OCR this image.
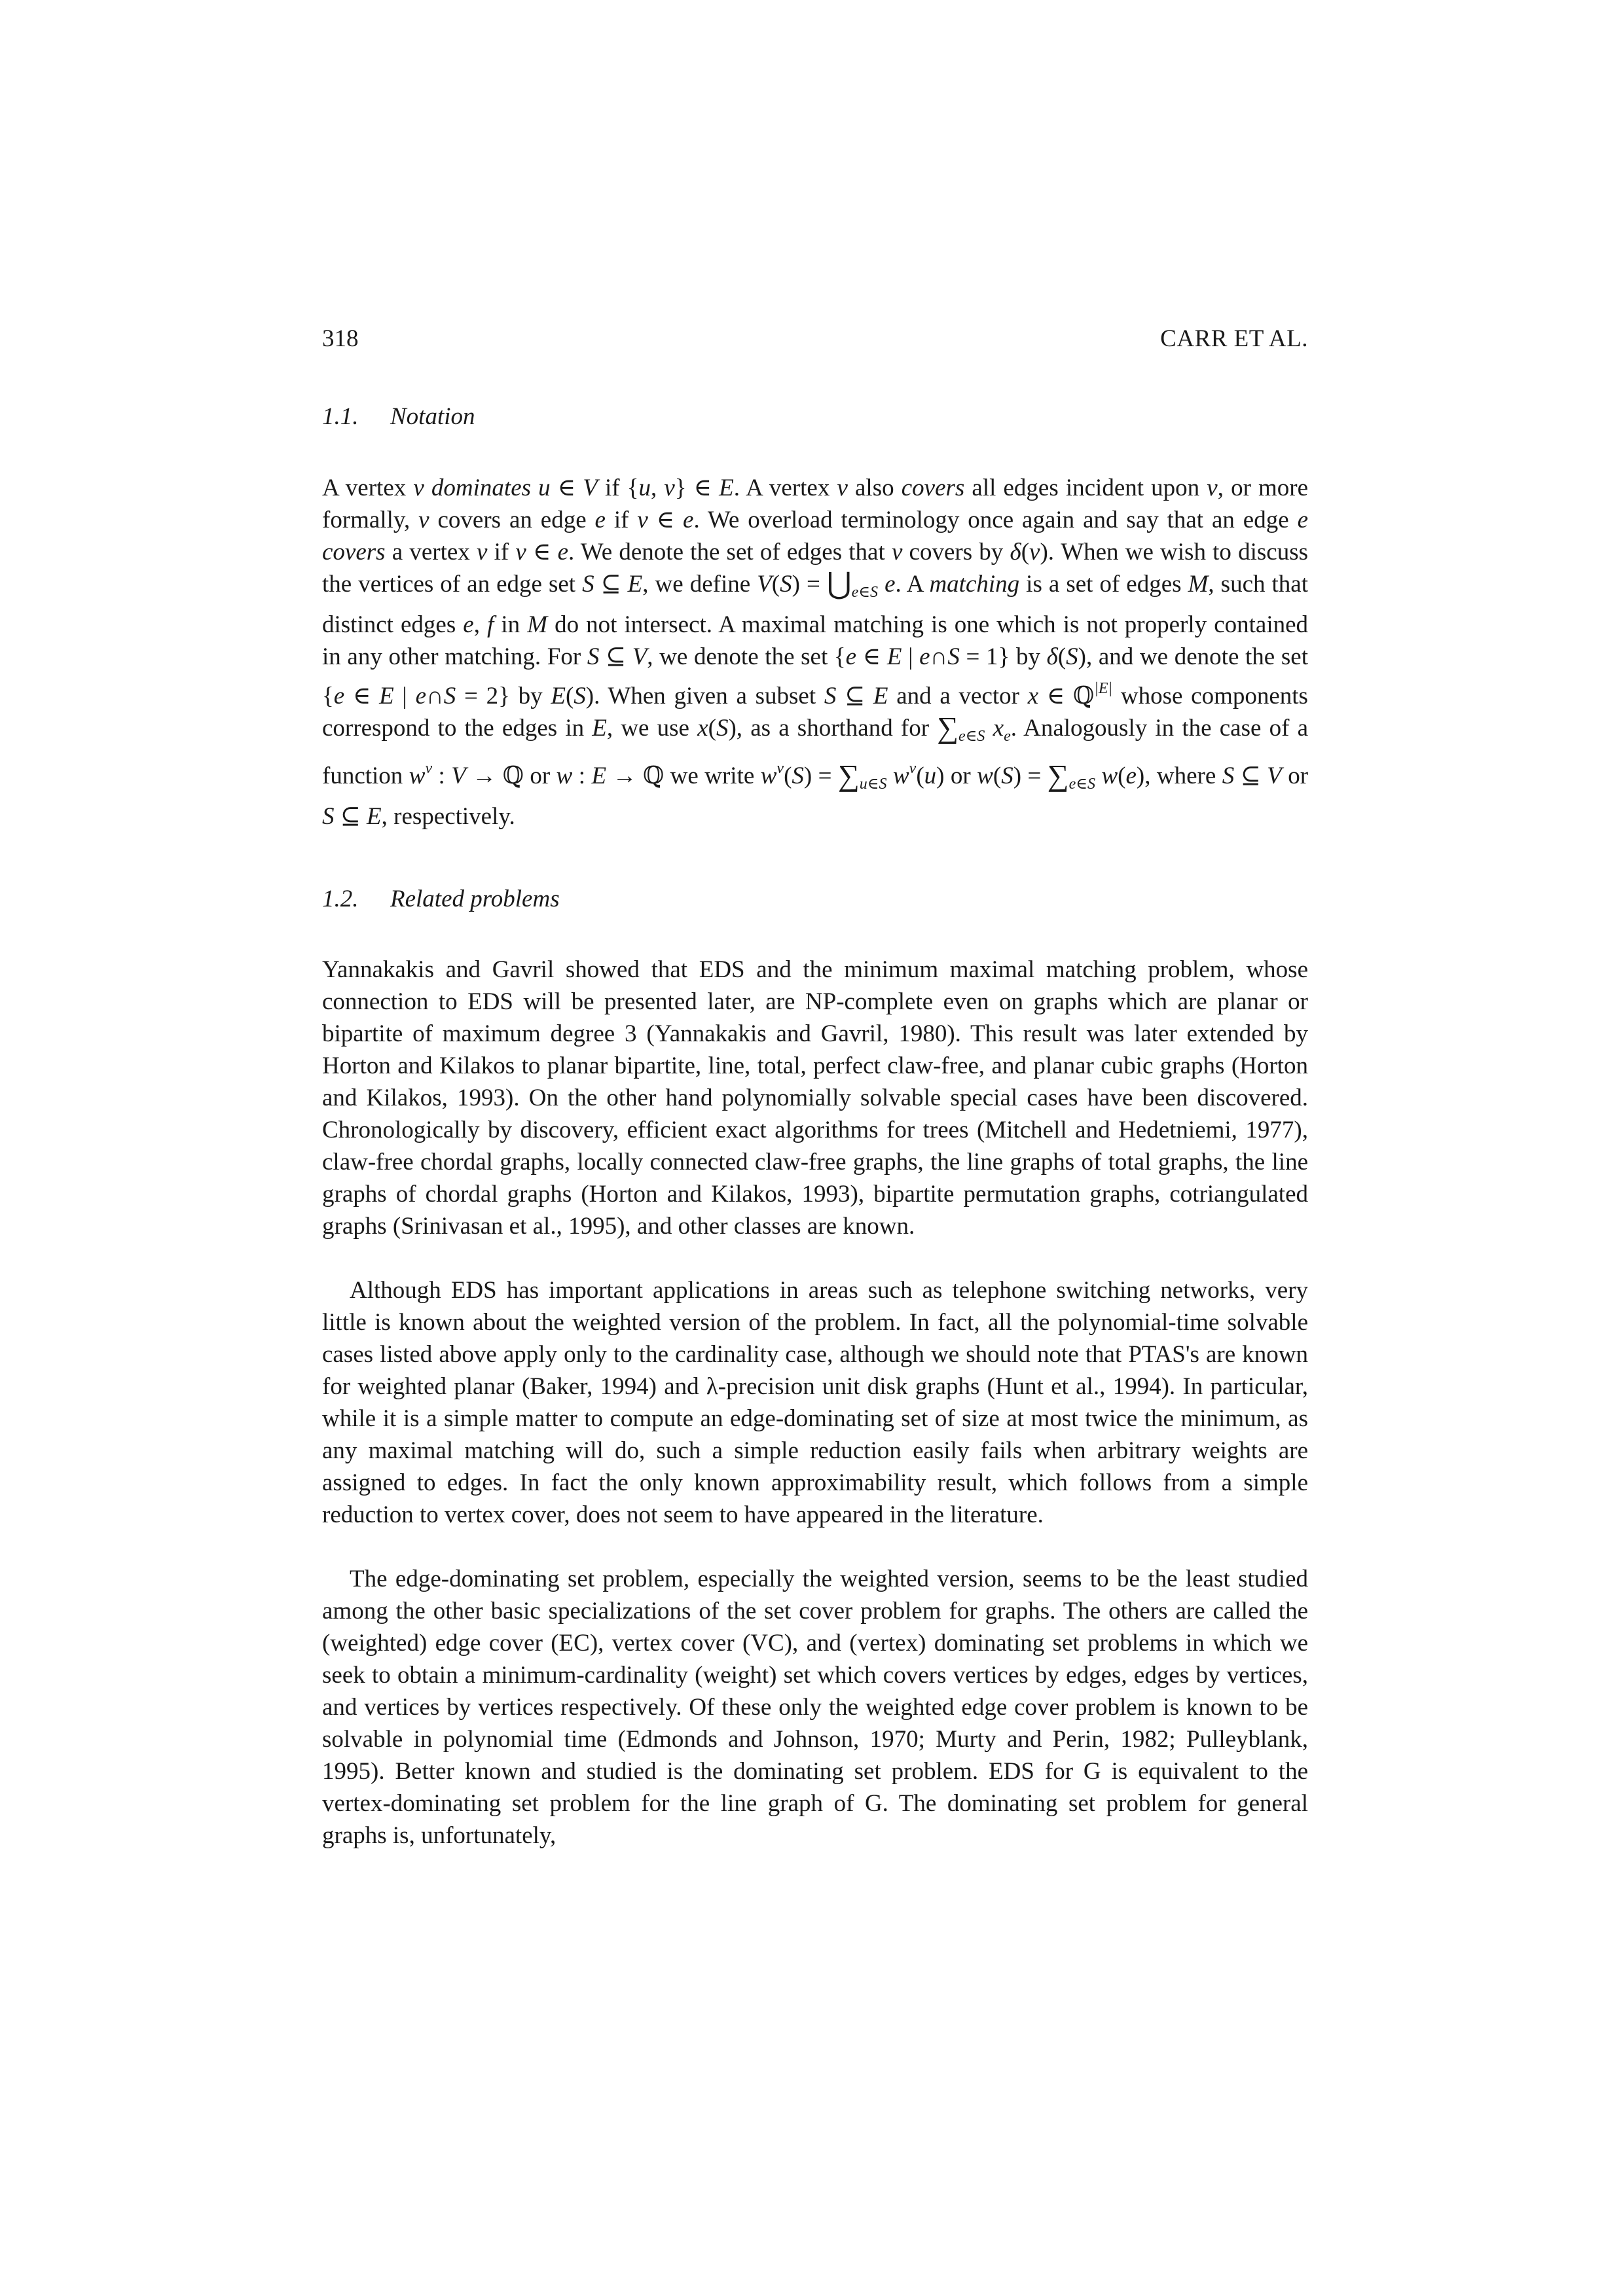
318	CARR ET AL.
1.1. Notation

A vertex v dominates u ∈ V if {u, v} ∈ E. A vertex v also covers all edges incident upon v, or more formally, v covers an edge e if v ∈ e. We overload terminology once again and say that an edge e covers a vertex v if v ∈ e. We denote the set of edges that v covers by δ(v). When we wish to discuss the vertices of an edge set S ⊆ E, we define $V(S) = ⋃_{e\in S}$ e. A matching is a set of edges M, such that distinct edges e, f in M do not intersect. A maximal matching is one which is not properly contained in any other matching. For S ⊆ V, we denote the set {e ∈ E | e∩S = 1} by δ(S), and we denote the set {e ∈ E | e∩S = 2} by E(S). When given a subset S ⊆ E and a vector x ∈ ℚ$^{|E|}$ whose components correspond to the edges in E, we use x(S), as a shorthand for $\sum_{e\in S}$ $x_e$. Analogously in the case of a function $w^v$ : V → ℚ or w : E → ℚ we write $w^v(S) = \sum_{u\in S}$ $w^v(u)$ or $w(S) = \sum_{e\in S}$ w(e), where S ⊆ V or S ⊆ E, respectively.

1.2. Related problems

Yannakakis and Gavril showed that EDS and the minimum maximal matching problem, whose connection to EDS will be presented later, are NP-complete even on graphs which are planar or bipartite of maximum degree 3 (Yannakakis and Gavril, 1980). This result was later extended by Horton and Kilakos to planar bipartite, line, total, perfect claw-free, and planar cubic graphs (Horton and Kilakos, 1993). On the other hand polynomially solvable special cases have been discovered. Chronologically by discovery, efficient exact algorithms for trees (Mitchell and Hedetniemi, 1977), claw-free chordal graphs, locally connected claw-free graphs, the line graphs of total graphs, the line graphs of chordal graphs (Horton and Kilakos, 1993), bipartite permutation graphs, cotriangulated graphs (Srinivasan et al., 1995), and other classes are known.

Although EDS has important applications in areas such as telephone switching networks, very little is known about the weighted version of the problem. In fact, all the polynomial-time solvable cases listed above apply only to the cardinality case, although we should note that PTAS's are known for weighted planar (Baker, 1994) and λ-precision unit disk graphs (Hunt et al., 1994). In particular, while it is a simple matter to compute an edge-dominating set of size at most twice the minimum, as any maximal matching will do, such a simple reduction easily fails when arbitrary weights are assigned to edges. In fact the only known approximability result, which follows from a simple reduction to vertex cover, does not seem to have appeared in the literature.

The edge-dominating set problem, especially the weighted version, seems to be the least studied among the other basic specializations of the set cover problem for graphs. The others are called the (weighted) edge cover (EC), vertex cover (VC), and (vertex) dominating set problems in which we seek to obtain a minimum-cardinality (weight) set which covers vertices by edges, edges by vertices, and vertices by vertices respectively. Of these only the weighted edge cover problem is known to be solvable in polynomial time (Edmonds and Johnson, 1970; Murty and Perin, 1982; Pulleyblank, 1995). Better known and studied is the dominating set problem. EDS for G is equivalent to the vertex-dominating set problem for the line graph of G. The dominating set problem for general graphs is, unfortunately,
